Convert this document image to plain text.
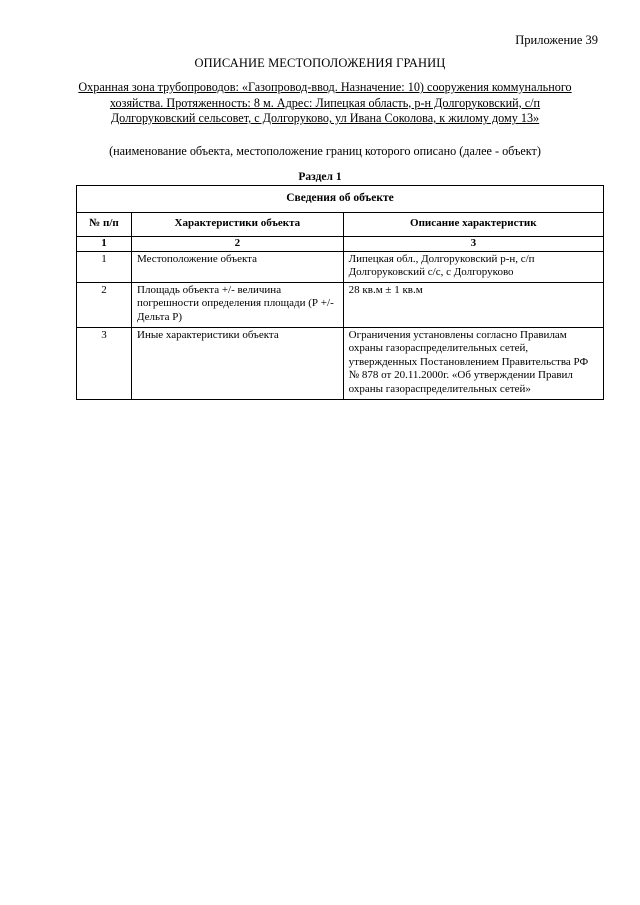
Приложение 39
ОПИСАНИЕ МЕСТОПОЛОЖЕНИЯ ГРАНИЦ
Охранная зона трубопроводов: «Газопровод-ввод. Назначение: 10) сооружения коммунального хозяйства. Протяженность: 8 м. Адрес: Липецкая область, р-н Долгоруковский, с/п Долгоруковский сельсовет, с Долгоруково, ул Ивана Соколова, к жилому дому 13»
(наименование объекта, местоположение границ которого описано (далее - объект)
Раздел 1
Сведения об объекте		
№ п/п	Характеристики объекта	Описание характеристик
1	2	3
1	Местоположение объекта	Липецкая обл., Долгоруковский р-н, с/п Долгоруковский с/с, с Долгоруково
2	Площадь объекта +/- величина погрешности определения площади (Р +/- Дельта Р)	28 кв.м ± 1 кв.м
3	Иные характеристики объекта	Ограничения установлены согласно Правилам охраны газораспределительных сетей, утвержденных Постановлением Правительства РФ № 878 от 20.11.2000г. «Об утверждении Правил охраны газораспределительных сетей»
